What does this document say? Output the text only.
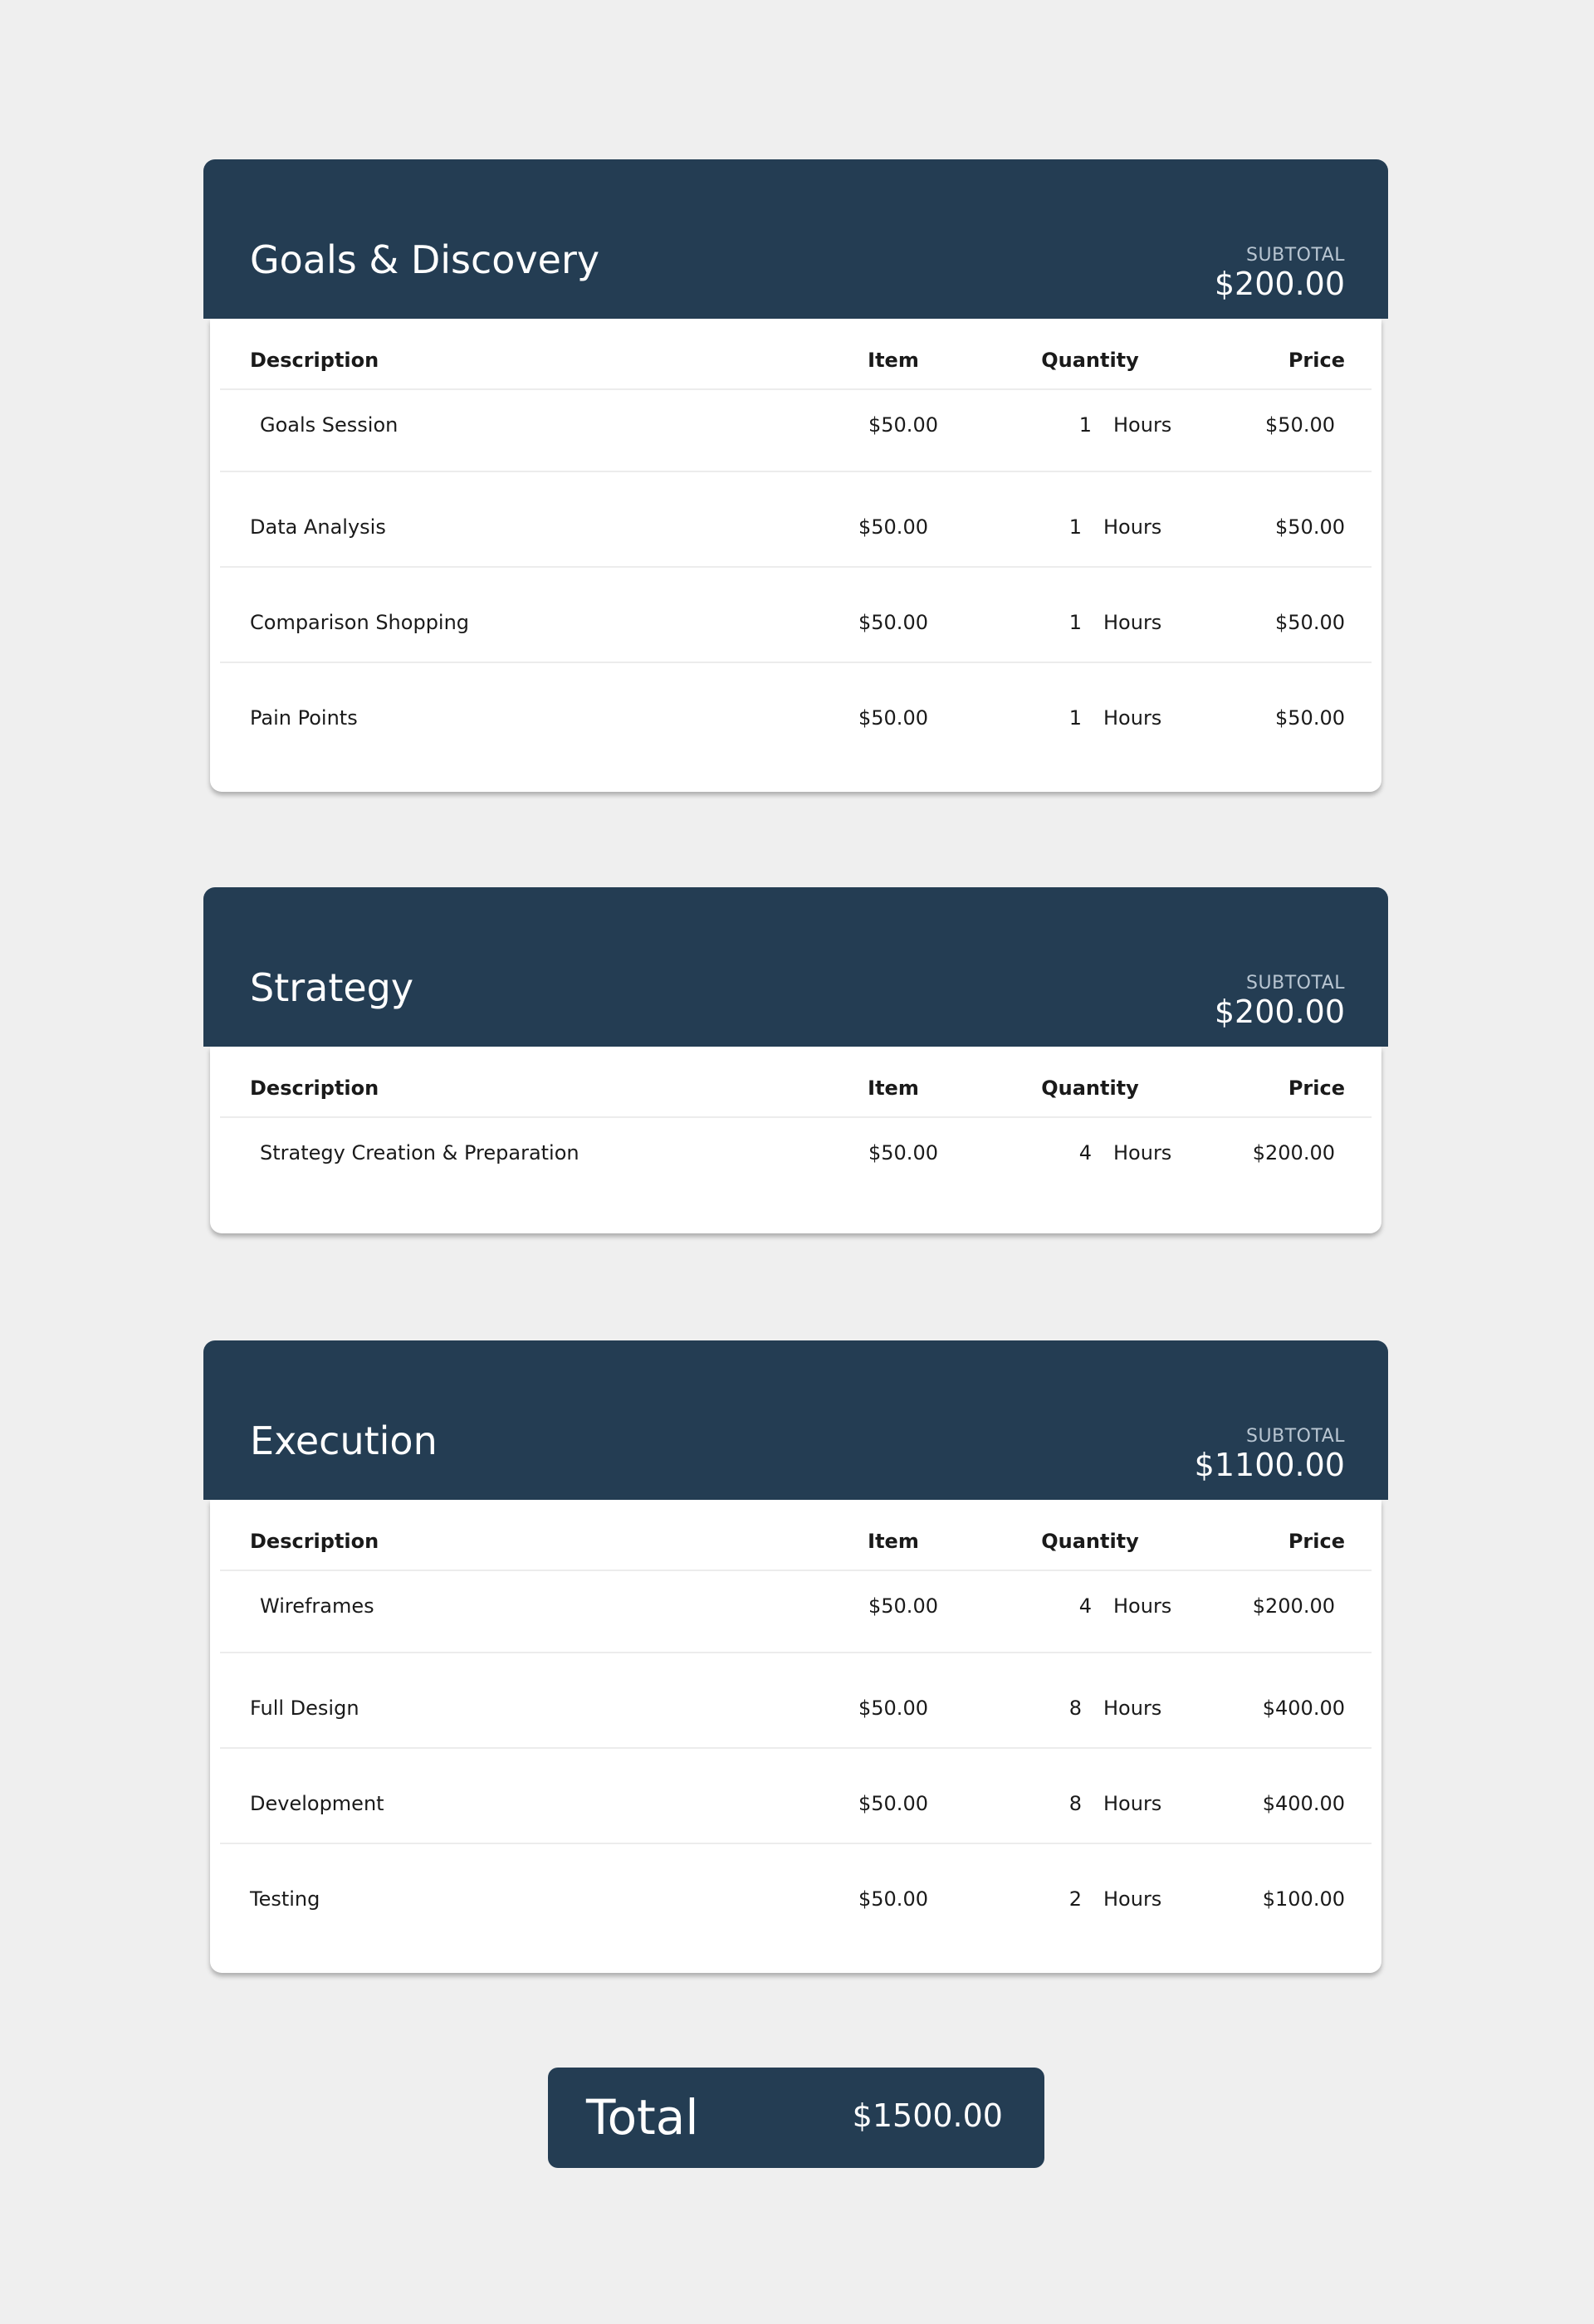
Goals & Discovery	SUBTOTAL
$200.00
Description	Item	Quantity	Price
Goals Session	$50.00	1 Hours	$50.00
Data Analysis	$50.00	1 Hours	$50.00
Comparison Shopping	$50.00	1 Hours	$50.00
Pain Points	$50.00	1 Hours	$50.00
Strategy	SUBTOTAL
$200.00
Description	Item	Quantity	Price
Strategy Creation & Preparation	$50.00	4 Hours	$200.00
Execution	SUBTOTAL
$1100.00
Description	Item	Quantity	Price
Wireframes	$50.00	4 Hours	$200.00
Full Design	$50.00	8 Hours	$400.00
Development	$50.00	8 Hours	$400.00
Testing	$50.00	2 Hours	$100.00
Total	$1500.00
